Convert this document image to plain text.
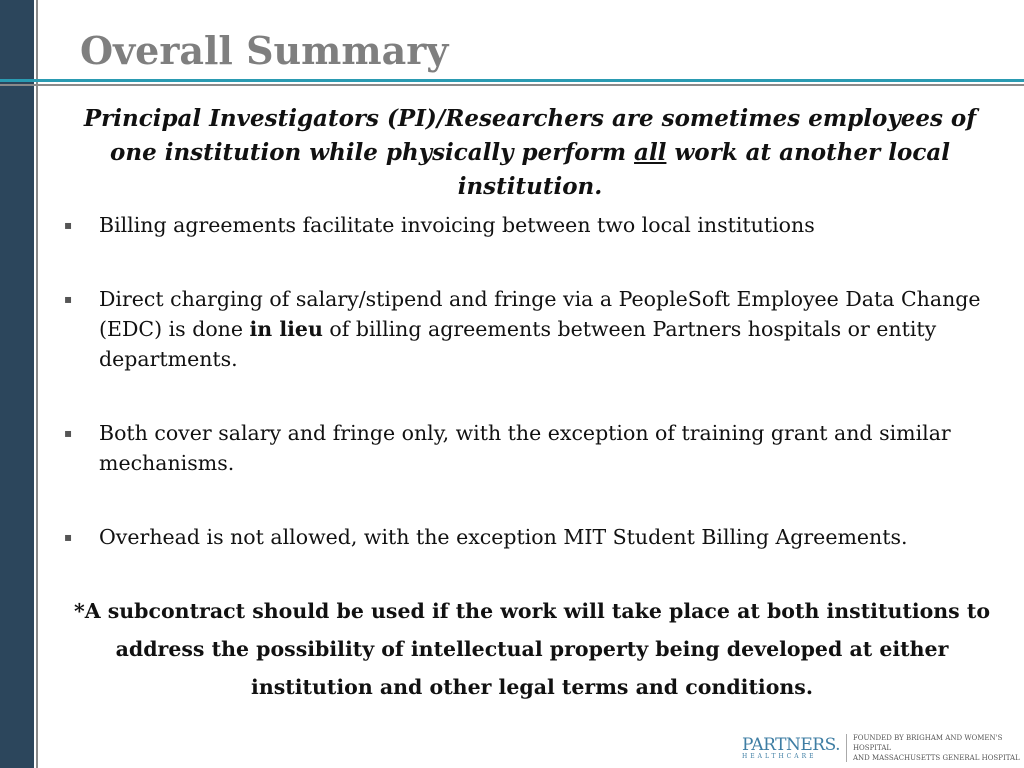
Overall Summary

Principal Investigators (PI)/Researchers are sometimes employees of one institution while physically perform all work at another local institution.

▪ Billing agreements facilitate invoicing between two local institutions
▪ Direct charging of salary/stipend and fringe via a PeopleSoft Employee Data Change (EDC) is done in lieu of billing agreements between Partners hospitals or entity departments.
▪ Both cover salary and fringe only, with the exception of training grant and similar mechanisms.
▪ Overhead is not allowed, with the exception MIT Student Billing Agreements.

*A subcontract should be used if the work will take place at both institutions to address the possibility of intellectual property being developed at either institution and other legal terms and conditions.

PARTNERS.
HEALTHCARE
FOUNDED BY BRIGHAM AND WOMEN'S HOSPITAL
AND MASSACHUSETTS GENERAL HOSPITAL
